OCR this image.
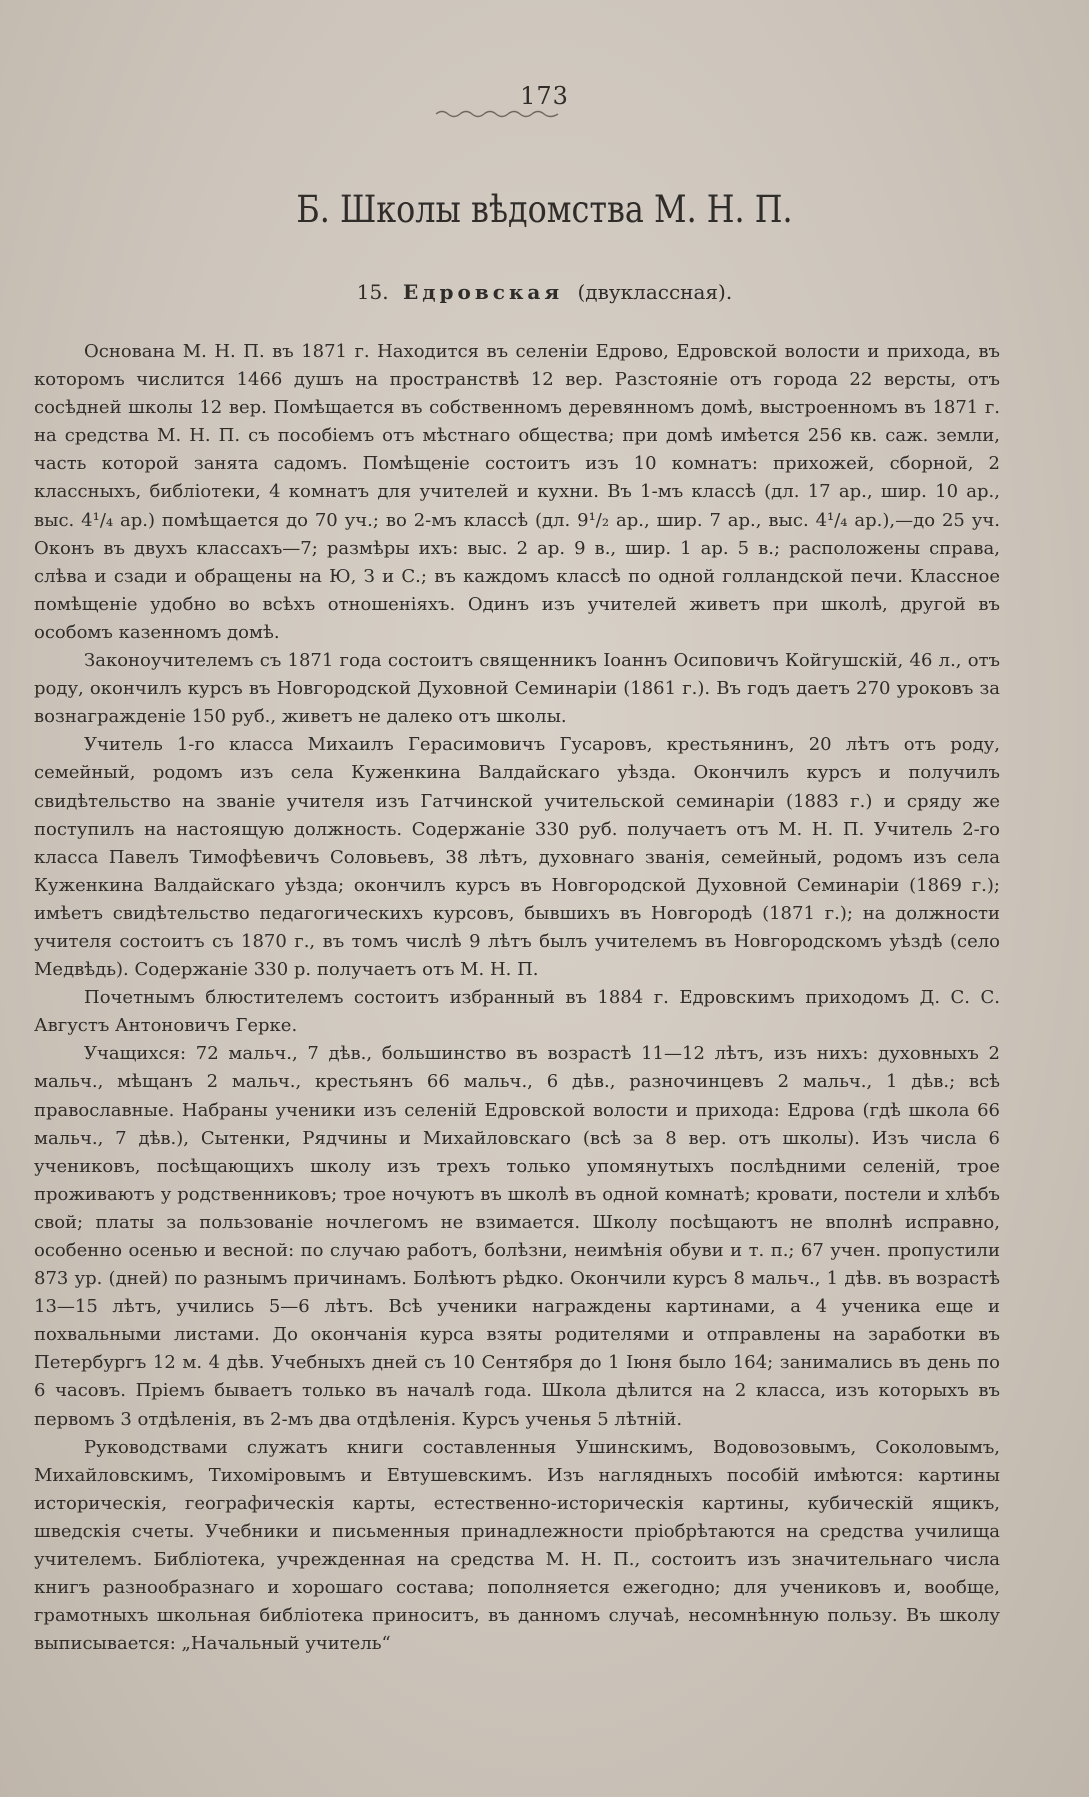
173
Б. Школы вѣдомства М. Н. П.
15. Едровская (двуклассная).

Основана М. Н. П. въ 1871 г. Находится въ селеніи Едрово, Едровской волости и прихода, въ которомъ числится 1466 душъ на пространствѣ 12 вер. Разстояніе отъ города 22 версты, отъ сосѣдней школы 12 вер. Помѣщается въ собственномъ деревянномъ домѣ, выстроенномъ въ 1871 г. на средства М. Н. П. съ пособіемъ отъ мѣстнаго общества; при домѣ имѣется 256 кв. саж. земли, часть которой занята садомъ. Помѣщеніе состоитъ изъ 10 комнатъ: прихожей, сборной, 2 классныхъ, библіотеки, 4 комнатъ для учителей и кухни. Въ 1-мъ классѣ (дл. 17 ар., шир. 10 ар., выс. 4¹/₄ ар.) помѣщается до 70 уч.; во 2-мъ классѣ (дл. 9¹/₂ ар., шир. 7 ар., выс. 4¹/₄ ар.),—до 25 уч. Оконъ въ двухъ классахъ—7; размѣры ихъ: выс. 2 ар. 9 в., шир. 1 ар. 5 в.; расположены справа, слѣва и сзади и обращены на Ю, З и С.; въ каждомъ классѣ по одной голландской печи. Классное помѣщеніе удобно во всѣхъ отношеніяхъ. Одинъ изъ учителей живетъ при школѣ, другой въ особомъ казенномъ домѣ.

Законоучителемъ съ 1871 года состоитъ священникъ Іоаннъ Осиповичъ Койгушскій, 46 л., отъ роду, окончилъ курсъ въ Новгородской Духовной Семинаріи (1861 г.). Въ годъ даетъ 270 уроковъ за вознагражденіе 150 руб., живетъ не далеко отъ школы.

Учитель 1-го класса Михаилъ Герасимовичъ Гусаровъ, крестьянинъ, 20 лѣтъ отъ роду, семейный, родомъ изъ села Куженкина Валдайскаго уѣзда. Окончилъ курсъ и получилъ свидѣтельство на званіе учителя изъ Гатчинской учительской семинаріи (1883 г.) и сряду же поступилъ на настоящую должность. Содержаніе 330 руб. получаетъ отъ М. Н. П. Учитель 2-го класса Павелъ Тимофѣевичъ Соловьевъ, 38 лѣтъ, духовнаго званія, семейный, родомъ изъ села Куженкина Валдайскаго уѣзда; окончилъ курсъ въ Новгородской Духовной Семинаріи (1869 г.); имѣетъ свидѣтельство педагогическихъ курсовъ, бывшихъ въ Новгородѣ (1871 г.); на должности учителя состоитъ съ 1870 г., въ томъ числѣ 9 лѣтъ былъ учителемъ въ Новгородскомъ уѣздѣ (село Медвѣдь). Содержаніе 330 р. получаетъ отъ М. Н. П.

Почетнымъ блюстителемъ состоитъ избранный въ 1884 г. Едровскимъ приходомъ Д. С. С. Августъ Антоновичъ Герке.

Учащихся: 72 мальч., 7 дѣв., большинство въ возрастѣ 11—12 лѣтъ, изъ нихъ: духовныхъ 2 мальч., мѣщанъ 2 мальч., крестьянъ 66 мальч., 6 дѣв., разночинцевъ 2 мальч., 1 дѣв.; всѣ православные. Набраны ученики изъ селеній Едровской волости и прихода: Едрова (гдѣ школа 66 мальч., 7 дѣв.), Сытенки, Рядчины и Михайловскаго (всѣ за 8 вер. отъ школы). Изъ числа 6 учениковъ, посѣщающихъ школу изъ трехъ только упомянутыхъ послѣдними селеній, трое проживаютъ у родственниковъ; трое ночуютъ въ школѣ въ одной комнатѣ; кровати, постели и хлѣбъ свой; платы за пользованіе ночлегомъ не взимается. Школу посѣщаютъ не вполнѣ исправно, особенно осенью и весной: по случаю работъ, болѣзни, неимѣнія обуви и т. п.; 67 учен. пропустили 873 ур. (дней) по разнымъ причинамъ. Болѣютъ рѣдко. Окончили курсъ 8 мальч., 1 дѣв. въ возрастѣ 13—15 лѣтъ, учились 5—6 лѣтъ. Всѣ ученики награждены картинами, а 4 ученика еще и похвальными листами. До окончанія курса взяты родителями и отправлены на заработки въ Петербургъ 12 м. 4 дѣв. Учебныхъ дней съ 10 Сентября до 1 Іюня было 164; занимались въ день по 6 часовъ. Пріемъ бываетъ только въ началѣ года. Школа дѣлится на 2 класса, изъ которыхъ въ первомъ 3 отдѣленія, въ 2-мъ два отдѣленія. Курсъ ученья 5 лѣтній.

Руководствами служатъ книги составленныя Ушинскимъ, Водовозовымъ, Соколовымъ, Михайловскимъ, Тихоміровымъ и Евтушевскимъ. Изъ наглядныхъ пособій имѣются: картины историческія, географическія карты, естественно-историческія картины, кубическій ящикъ, шведскія счеты. Учебники и письменныя принадлежности пріобрѣтаются на средства училища учителемъ. Библіотека, учрежденная на средства М. Н. П., состоитъ изъ значительнаго числа книгъ разнообразнаго и хорошаго состава; пополняется ежегодно; для учениковъ и, вообще, грамотныхъ школьная библіотека приноситъ, въ данномъ случаѣ, несомнѣнную пользу. Въ школу выписывается: „Начальный учитель“
